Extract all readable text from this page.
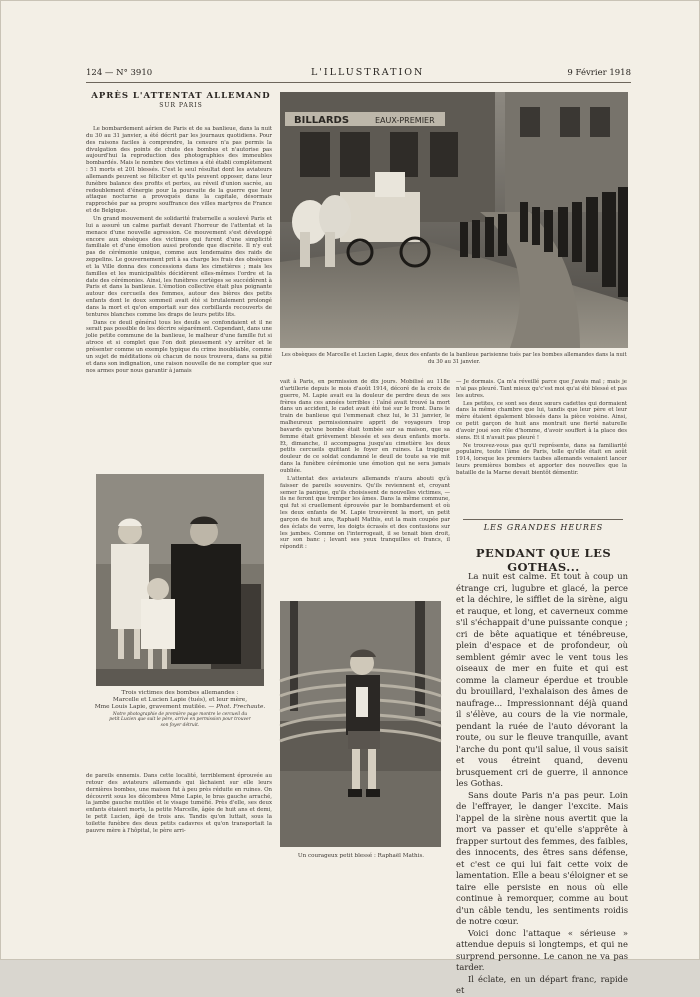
124 — N° 3910	L'ILLUSTRATION	9 Février 1918
APRÈS L'ATTENTAT ALLEMAND
SUR PARIS

Le bombardement aérien de Paris et de sa banlieue, dans la nuit du 30 au 31 janvier, a été décrit par les journaux quotidiens. Pour des raisons faciles à comprendre, la censure n'a pas permis la divulgation des points de chute des bombes et n'autorise pas aujourd'hui la reproduction des photographies des immeubles bombardés. Mais le nombre des victimes a été établi complètement : 51 morts et 201 blessés. C'est le seul résultat dont les aviateurs allemands peuvent se féliciter et qu'ils peuvent opposer, dans leur funèbre balance des profits et pertes, au réveil d'union sacrée, au redoublement d'énergie pour la poursuite de la guerre que leur attaque nocturne a provoqués dans la capitale, désormais rapprochée par sa propre souffrance des villes martyres de France et de Belgique.

Un grand mouvement de solidarité fraternelle a soulevé Paris et lui a assuré un calme parfait devant l'horreur de l'attentat et la menace d'une nouvelle agression. Ce mouvement s'est développé encore aux obsèques des victimes qui furent d'une simplicité familiale et d'une émotion aussi profonde que discrète. Il n'y eut pas de cérémonie unique, comme aux lendemains des raids de zeppelins. Le gouvernement prit à sa charge les frais des obsèques et la Ville donna des concessions dans les cimetières ; mais les familles et les municipalités décidèrent elles-mêmes l'ordre et la date des cérémonies. Ainsi, les funèbres cortèges se succédèrent à Paris et dans la banlieue. L'émotion collective était plus poignante autour des cercueils des femmes, autour des bières des petits enfants dont le doux sommeil avait été si brutalement prolongé dans la mort et qu'on emportait sur des corbillards recouverts de tentures blanches comme les draps de leurs petits lits.

Dans ce deuil général tous les deuils se confondaient et il ne serait pas possible de les décrire séparément. Cependant, dans une jolie petite commune de la banlieue, le malheur d'une famille fut si atroce et si complet que l'on doit pieusement s'y arrêter et le présenter comme un exemple typique du crime inoubliable, comme un sujet de méditations où chacun de nous trouvera, dans sa pitié et dans son indignation, une raison nouvelle de ne compter que sur nos armes pour nous garantir à jamais

BILLARDS	EAUX-PREMIER
Les obsèques de Marcelle et Lucien Lapie, deux des enfants de la banlieue parisienne tués par les bombes allemandes dans la nuit du 30 au 31 janvier.
Trois victimes des bombes allemandes :
Marcelle et Lucien Lapie (tués), et leur mère,
Mme Louis Lapie, gravement mutilée. — Phot. Frechaute.
Notre photographie de première page montre le cercueil du petit Lucien que suit le père, arrivé en permission pour trouver son foyer détruit.

de pareils ennemis. Dans cette localité, terriblement éprouvée au retour des aviateurs allemands qui lâchaient sur elle leurs dernières bombes, une maison fut à peu près réduite en ruines. On découvrit sous les décombres Mme Lapie, le bras gauche arraché, la jambe gauche mutilée et le visage tuméfié. Près d'elle, ses deux enfants étaient morts, la petite Marcelle, âgée de huit ans et demi, le petit Lucien, âgé de trois ans. Tandis qu'on luttait, sous la toilette funèbre des deux petits cadavres et qu'on transportait la pauvre mère à l'hôpital, le père arri-

vait à Paris, en permission de dix jours. Mobilisé au 118e d'artillerie depuis le mois d'août 1914, décoré de la croix de guerre, M. Lapie avait eu la douleur de perdre deux de ses frères dans ces années terribles : l'aîné avait trouvé la mort dans un accident, le cadet avait été tué sur le front. Dans le train de banlieue qui l'emmenait chez lui, le 31 janvier, le malheureux permissionnaire apprit de voyageurs trop bavards qu'une bombe était tombée sur sa maison, que sa femme était grièvement blessée et ses deux enfants morts. Et, dimanche, il accompagna jusqu'au cimetière les deux petits cercueils quittant le foyer en ruines. La tragique douleur de ce soldat condamné le deuil de toute sa vie mit dans la funèbre cérémonie une émotion qui ne sera jamais oubliée.

L'attentat des aviateurs allemands n'aura abouti qu'à faisser de pareils souvenirs. Qu'ils reviennent et, croyant semer la panique, qu'ils choisissent de nouvelles victimes, — ils ne feront que tremper les âmes. Dans la même commune, qui fut si cruellement éprouvée par le bombardement et où les deux enfants de M. Lapie trouvèrent la mort, un petit garçon de huit ans, Raphaël Mathis, eut la main coupée par des éclats de verre, les doigts écrasés et des contusions sur les jambes. Comme on l'interrogeait, il se tenait bien droit, sur son banc ; levant ses yeux tranquilles et francs, il répondit :

Un courageux petit blessé : Raphaël Mathis.

— Je dormais. Ça m'a réveillé parce que j'avais mal ; mais je n'ai pas pleuré. Tant mieux qu'c'est moi qu'ai été blessé et pas les autres.

Les petites, ce sont ses deux sœurs cadettes qui dormaient dans la même chambre que lui, tandis que leur père et leur mère étaient également blessés dans la pièce voisine. Ainsi, ce petit garçon de huit ans montrait une fierté naturelle d'avoir joué son rôle d'homme, d'avoir souffert à la place des siens. Et il n'avait pas pleuré !

Ne trouvez-vous pas qu'il représente, dans sa familiarité populaire, toute l'âme de Paris, telle qu'elle était en août 1914, lorsque les premiers taubes allemands venaient lancer leurs premières bombes et apporter des nouvelles que la bataille de la Marne devait bientôt démentir.

LES GRANDES HEURES
PENDANT QUE LES GOTHAS...

La nuit est calme. Et tout à coup un étrange cri, lugubre et glacé, la perce et la déchire, le sifflet de la sirène, aigu et rauque, et long, et caverneux comme s'il s'échappait d'une puissante conque ; cri de bête aquatique et ténébreuse, plein d'espace et de profondeur, où semblent gémir avec le vent tous les oiseaux de mer en fuite et qui est comme la clameur éperdue et trouble du brouillard, l'exhalaison des âmes de naufrage... Impressionnant déjà quand il s'élève, au cours de la vie normale, pendant la ruée de l'auto dévorant la route, ou sur le fleuve tranquille, avant l'arche du pont qu'il salue, il vous saisit et vous étreint quand, devenu brusquement cri de guerre, il annonce les Gothas.

Sans doute Paris n'a pas peur. Loin de l'effrayer, le danger l'excite. Mais l'appel de la sirène nous avertit que la mort va passer et qu'elle s'apprête à frapper surtout des femmes, des faibles, des innocents, des êtres sans défense, et c'est ce qui lui fait cette voix de lamentation. Elle a beau s'éloigner et se taire elle persiste en nous où elle continue à remorquer, comme au bout d'un câble tendu, les sentiments roidis de notre cœur.

Voici donc l'attaque « sérieuse » attendue depuis si longtemps, et qui ne surprend personne. Le canon ne va pas tarder.

Il éclate, en un départ franc, rapide et
